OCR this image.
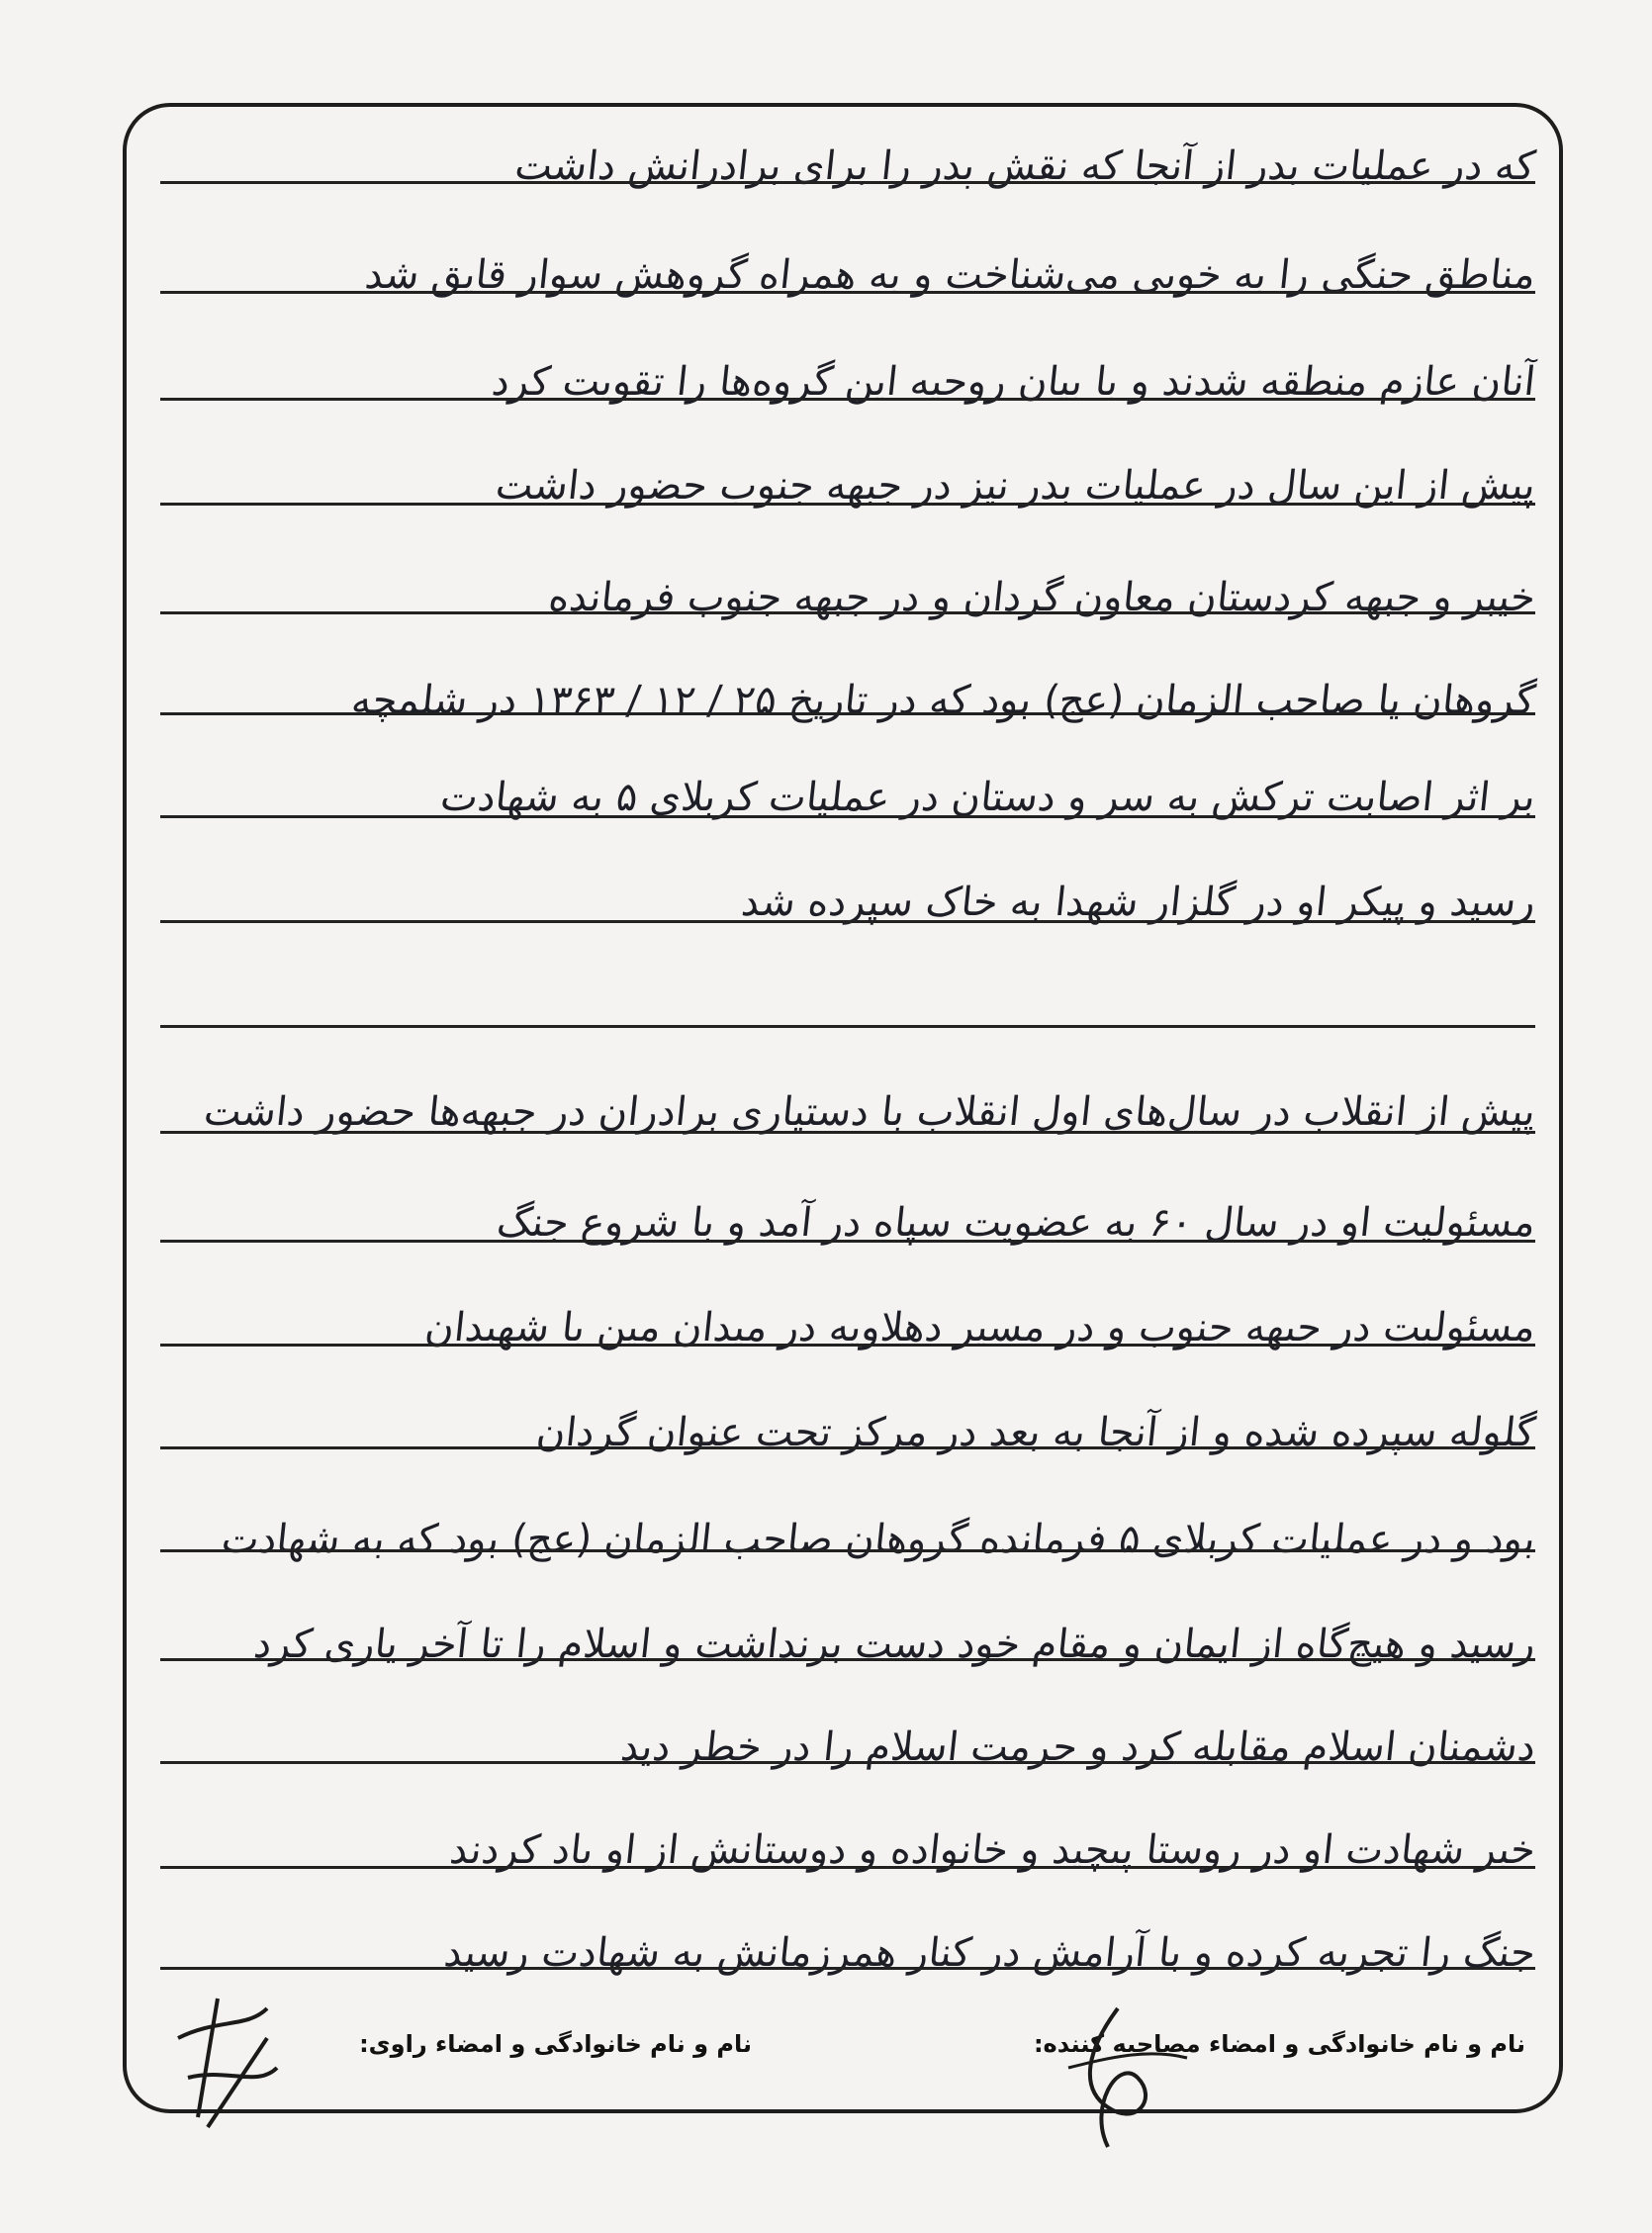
که در عملیات بدر از آنجا که نقش پدر را برای برادرانش داشت
مناطق جنگی را به خوبی می‌شناخت و به همراه گروهش سوار قایق شد
آنان عازم منطقه شدند و با بیان روحیه این گروه‌ها را تقویت کرد
پیش از این سال در عملیات بدر نیز در جبهه جنوب حضور داشت
خیبر و جبهه کردستان معاون گردان و در جبهه جنوب فرمانده
گروهان یا صاحب الزمان (عج) بود که در تاریخ ۲۵ / ۱۲ / ۱۳۶۳ در شلمچه
بر اثر اصابت ترکش به سر و دستان در عملیات کربلای ۵ به شهادت
رسید و پیکر او در گلزار شهدا به خاک سپرده شد
پیش از انقلاب در سال‌های اول انقلاب با دستیاری برادران در جبهه‌ها حضور داشت
مسئولیت او در سال ۶۰ به عضویت سپاه در آمد و با شروع جنگ
مسئولیت در جبهه جنوب و در مسیر دهلاویه در میدان مین با شهیدان
گلوله سپرده شده و از آنجا به بعد در مرکز تحت عنوان گردان
بود و در عملیات کربلای ۵ فرمانده گروهان صاحب الزمان (عج) بود که به شهادت
رسید و هیچ‌گاه از ایمان و مقام خود دست برنداشت و اسلام را تا آخر یاری کرد
دشمنان اسلام مقابله کرد و حرمت اسلام را در خطر دید
خبر شهادت او در روستا پیچید و خانواده و دوستانش از او یاد کردند
جنگ را تجربه کرده و با آرامش در کنار همرزمانش به شهادت رسید
نام و نام خانوادگی و امضاء مصاحبه کننده:
نام و نام خانوادگی و امضاء راوی:
